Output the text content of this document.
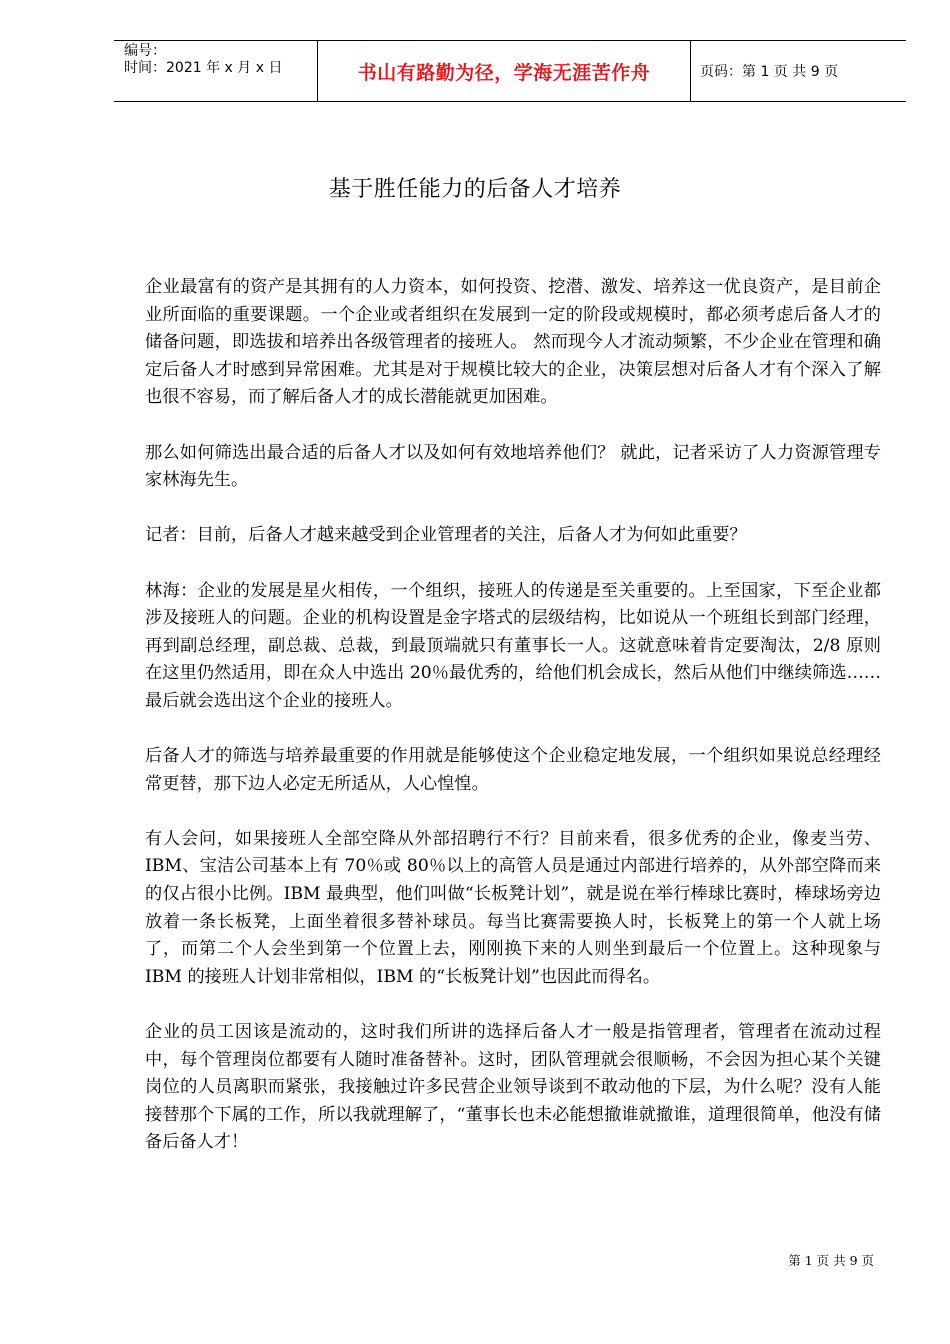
编号：
时间：2021 年 x 月 x 日	书山有路勤为径，学海无涯苦作舟	页码：第 1 页 共 9 页
基于胜任能力的后备人才培养

企业最富有的资产是其拥有的人力资本，如何投资、挖潜、激发、培养这一优良资产，是目前企业所面临的重要课题。一个企业或者组织在发展到一定的阶段或规模时，都必须考虑后备人才的储备问题，即选拔和培养出各级管理者的接班人。 然而现今人才流动频繁，不少企业在管理和确定后备人才时感到异常困难。尤其是对于规模比较大的企业，决策层想对后备人才有个深入了解也很不容易，而了解后备人才的成长潜能就更加困难。

那么如何筛选出最合适的后备人才以及如何有效地培养他们？ 就此，记者采访了人力资源管理专家林海先生。

记者：目前，后备人才越来越受到企业管理者的关注，后备人才为何如此重要？

林海：企业的发展是星火相传，一个组织，接班人的传递是至关重要的。上至国家，下至企业都涉及接班人的问题。企业的机构设置是金字塔式的层级结构，比如说从一个班组长到部门经理，再到副总经理，副总裁、总裁，到最顶端就只有董事长一人。这就意味着肯定要淘汰，2/8 原则在这里仍然适用，即在众人中选出 20％最优秀的，给他们机会成长，然后从他们中继续筛选……最后就会选出这个企业的接班人。

后备人才的筛选与培养最重要的作用就是能够使这个企业稳定地发展，一个组织如果说总经理经常更替，那下边人必定无所适从，人心惶惶。

有人会问，如果接班人全部空降从外部招聘行不行？目前来看，很多优秀的企业，像麦当劳、IBM、宝洁公司基本上有 70％或 80％以上的高管人员是通过内部进行培养的，从外部空降而来的仅占很小比例。IBM 最典型，他们叫做“长板凳计划”，就是说在举行棒球比赛时，棒球场旁边放着一条长板凳，上面坐着很多替补球员。每当比赛需要换人时，长板凳上的第一个人就上场了，而第二个人会坐到第一个位置上去，刚刚换下来的人则坐到最后一个位置上。这种现象与 IBM 的接班人计划非常相似，IBM 的“长板凳计划”也因此而得名。

企业的员工因该是流动的，这时我们所讲的选择后备人才一般是指管理者，管理者在流动过程中，每个管理岗位都要有人随时准备替补。这时，团队管理就会很顺畅，不会因为担心某个关键岗位的人员离职而紧张，我接触过许多民营企业领导谈到不敢动他的下层，为什么呢？没有人能接替那个下属的工作，所以我就理解了，“董事长也未必能想撤谁就撤谁，道理很简单，他没有储备后备人才！

第 1 页 共 9 页
